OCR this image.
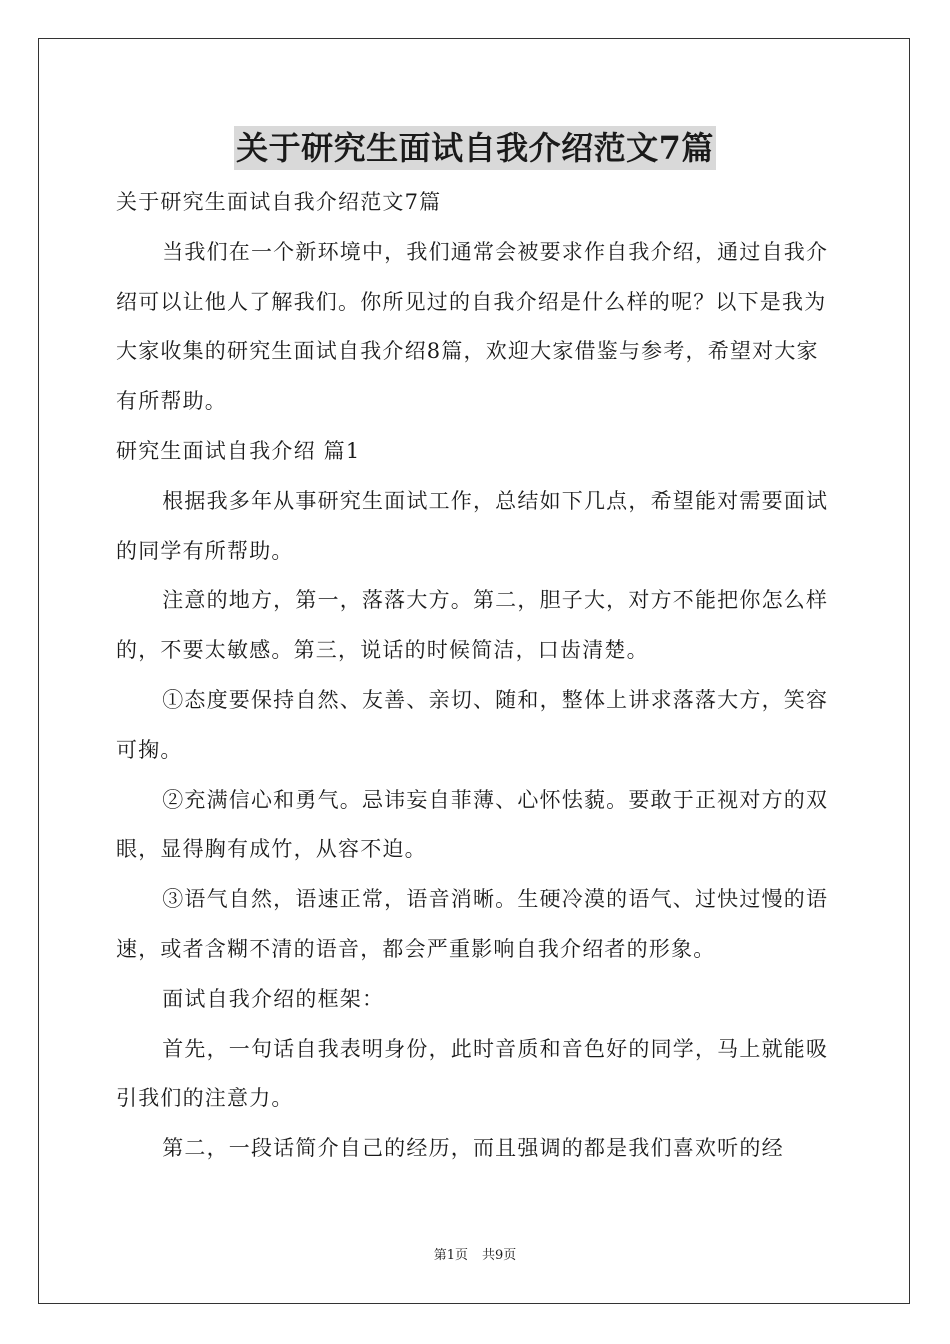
关于研究生面试自我介绍范文7篇

关于研究生面试自我介绍范文7篇

当我们在一个新环境中，我们通常会被要求作自我介绍，通过自我介绍可以让他人了解我们。你所见过的自我介绍是什么样的呢？以下是我为大家收集的研究生面试自我介绍8篇，欢迎大家借鉴与参考，希望对大家有所帮助。

研究生面试自我介绍 篇1

根据我多年从事研究生面试工作，总结如下几点，希望能对需要面试的同学有所帮助。

注意的地方，第一，落落大方。第二，胆子大，对方不能把你怎么样的，不要太敏感。第三，说话的时候简洁，口齿清楚。

①态度要保持自然、友善、亲切、随和，整体上讲求落落大方，笑容可掬。

②充满信心和勇气。忌讳妄自菲薄、心怀怯藐。要敢于正视对方的双眼，显得胸有成竹，从容不迫。

③语气自然，语速正常，语音消晰。生硬冷漠的语气、过快过慢的语速，或者含糊不清的语音，都会严重影响自我介绍者的形象。

面试自我介绍的框架：

首先，一句话自我表明身份，此时音质和音色好的同学，马上就能吸引我们的注意力。

第二，一段话简介自己的经历，而且强调的都是我们喜欢听的经

第1页 共9页
